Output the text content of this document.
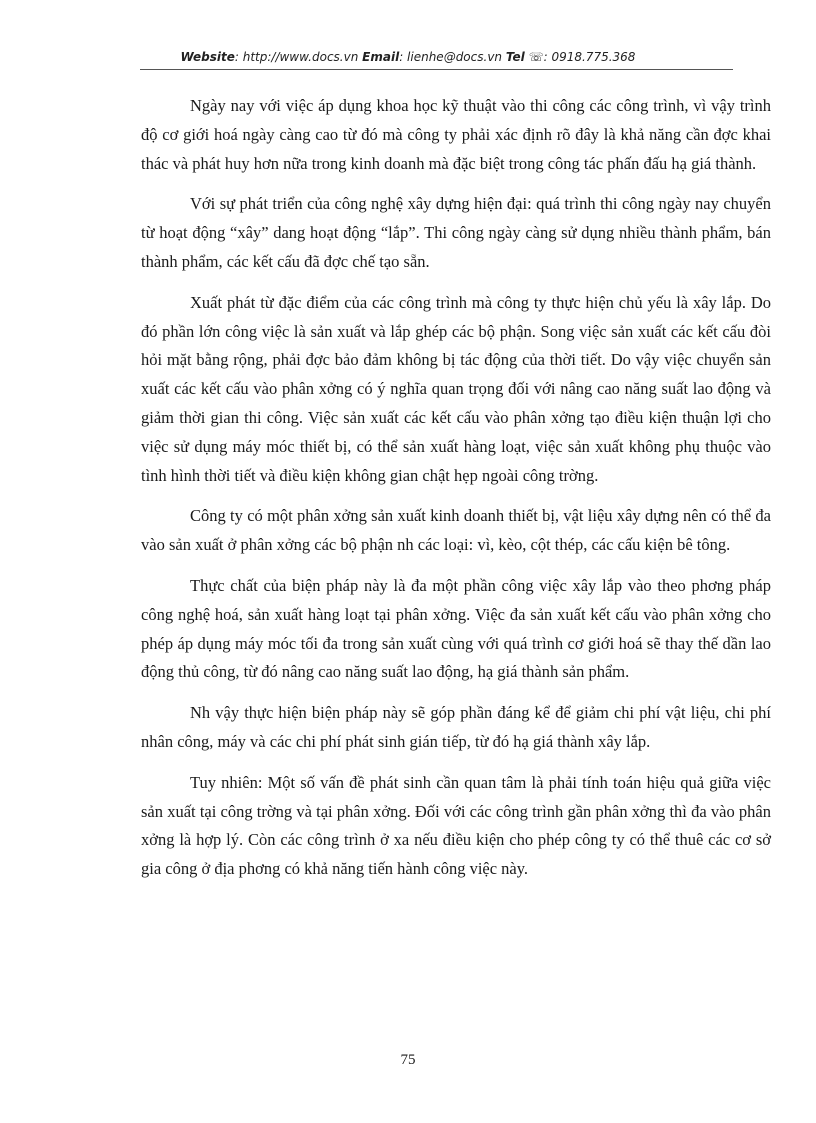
Website: http://www.docs.vn Email: lienhe@docs.vn Tel ☏: 0918.775.368

Ngày nay với việc áp dụng khoa học kỹ thuật vào thi công các công trình, vì vậy trình độ cơ giới hoá ngày càng cao từ đó mà công ty phải xác định rõ đây là khả năng cần đợc khai thác và phát huy hơn nữa trong kinh doanh mà đặc biệt trong công tác phấn đấu hạ giá thành.

Với sự phát triển của công nghệ xây dựng hiện đại: quá trình thi công ngày nay chuyển từ hoạt động “xây” dang hoạt động “lắp”. Thi công ngày càng sử dụng nhiều thành phẩm, bán thành phẩm, các kết cấu đã đợc chế tạo sẵn.

Xuất phát từ đặc điểm của các công trình mà công ty thực hiện chủ yếu là xây lắp. Do đó phần lớn công việc là sản xuất và lắp ghép các bộ phận. Song việc sản xuất các kết cấu đòi hỏi mặt bằng rộng, phải đợc bảo đảm không bị tác động của thời tiết. Do vậy việc chuyển sản xuất các kết cấu vào phân xởng có ý nghĩa quan trọng đối với nâng cao năng suất lao động và giảm thời gian thi công. Việc sản xuất các kết cấu vào phân xởng tạo điều kiện thuận lợi cho việc sử dụng máy móc thiết bị, có thể sản xuất hàng loạt, việc sản xuất không phụ thuộc vào tình hình thời tiết và điều kiện không gian chật hẹp ngoài công trờng.

Công ty có một phân xởng sản xuất kinh doanh thiết bị, vật liệu xây dựng nên có thể đa vào sản xuất ở phân xởng các bộ phận nh các loại: vì, kèo, cột thép, các cấu kiện bê tông.

Thực chất của biện pháp này là đa một phần công việc xây lắp vào theo phơng pháp công nghệ hoá, sản xuất hàng loạt tại phân xởng. Việc đa sản xuất kết cấu vào phân xởng cho phép áp dụng máy móc tối đa trong sản xuất cùng với quá trình cơ giới hoá sẽ thay thế dần lao động thủ công, từ đó nâng cao năng suất lao động, hạ giá thành sản phẩm.

Nh vậy thực hiện biện pháp này sẽ góp phần đáng kể để giảm chi phí vật liệu, chi phí nhân công, máy và các chi phí phát sinh gián tiếp, từ đó hạ giá thành xây lắp.

Tuy nhiên: Một số vấn đề phát sinh cần quan tâm là phải tính toán hiệu quả giữa việc sản xuất tại công trờng và tại phân xởng. Đối với các công trình gần phân xởng thì đa vào phân xởng là hợp lý. Còn các công trình ở xa nếu điều kiện cho phép công ty có thể thuê các cơ sở gia công ở địa phơng có khả năng tiến hành công việc này.

75
